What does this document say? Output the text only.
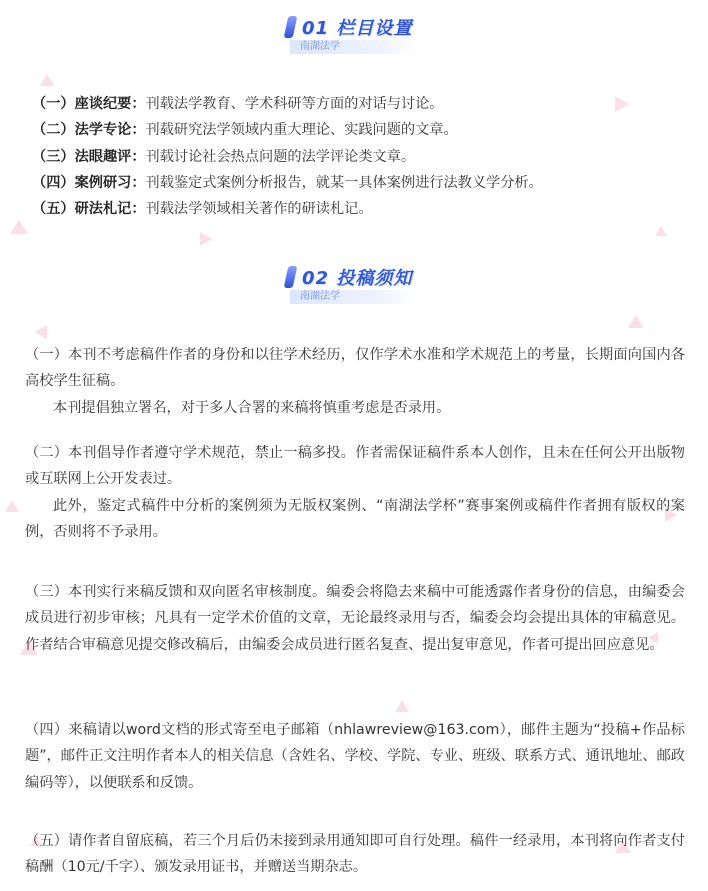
01 栏目设置
南湖法学
（一）座谈纪要：刊载法学教育、学术科研等方面的对话与讨论。
（二）法学专论：刊载研究法学领域内重大理论、实践问题的文章。
（三）法眼趣评：刊载讨论社会热点问题的法学评论类文章。
（四）案例研习：刊载鉴定式案例分析报告，就某一具体案例进行法教义学分析。
（五）研法札记：刊载法学领域相关著作的研读札记。
02 投稿须知
南湖法学

（一）本刊不考虑稿件作者的身份和以往学术经历，仅作学术水准和学术规范上的考量，长期面向国内各高校学生征稿。

本刊提倡独立署名，对于多人合署的来稿将慎重考虑是否录用。

（二）本刊倡导作者遵守学术规范，禁止一稿多投。作者需保证稿件系本人创作，且未在任何公开出版物或互联网上公开发表过。

此外，鉴定式稿件中分析的案例须为无版权案例、“南湖法学杯”赛事案例或稿件作者拥有版权的案例，否则将不予录用。

（三）本刊实行来稿反馈和双向匿名审核制度。编委会将隐去来稿中可能透露作者身份的信息，由编委会成员进行初步审核；凡具有一定学术价值的文章，无论最终录用与否，编委会均会提出具体的审稿意见。作者结合审稿意见提交修改稿后，由编委会成员进行匿名复查、提出复审意见，作者可提出回应意见。

（四）来稿请以word文档的形式寄至电子邮箱（nhlawreview@163.com），邮件主题为“投稿+作品标题”，邮件正文注明作者本人的相关信息（含姓名、学校、学院、专业、班级、联系方式、通讯地址、邮政编码等），以便联系和反馈。

（五）请作者自留底稿，若三个月后仍未接到录用通知即可自行处理。稿件一经录用，本刊将向作者支付稿酬（10元/千字）、颁发录用证书，并赠送当期杂志。
